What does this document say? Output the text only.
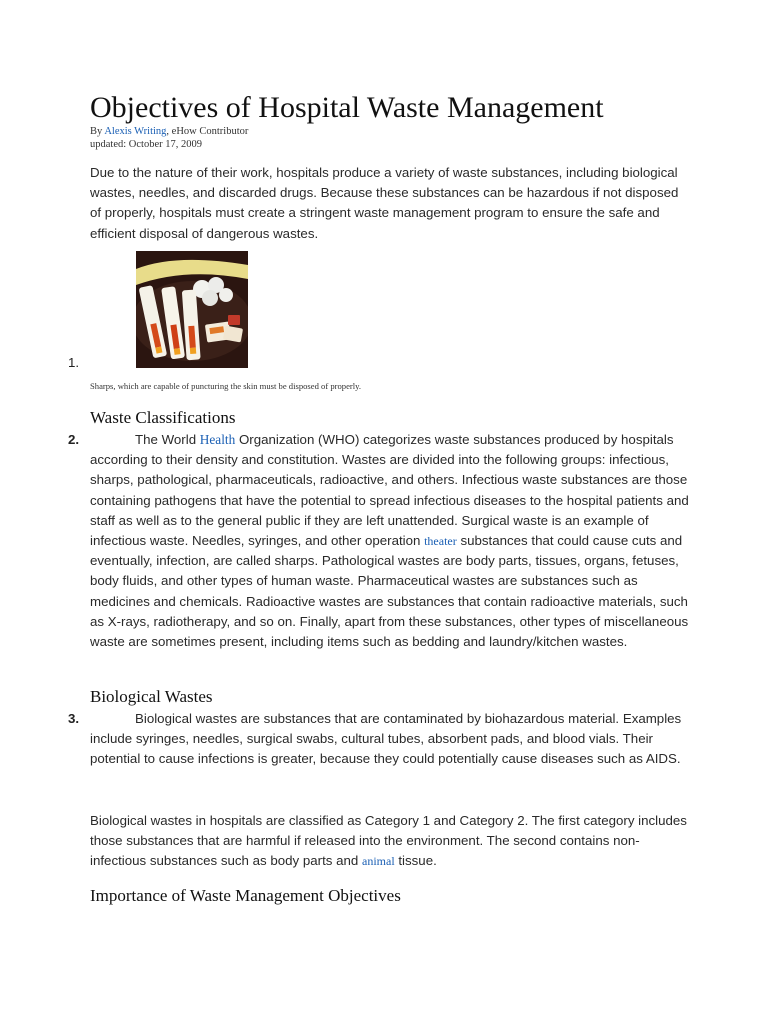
Objectives of Hospital Waste Management
By Alexis Writing, eHow Contributor
updated: October 17, 2009

Due to the nature of their work, hospitals produce a variety of waste substances, including biological wastes, needles, and discarded drugs. Because these substances can be hazardous if not disposed of properly, hospitals must create a stringent waste management program to ensure the safe and efficient disposal of dangerous wastes.

1.
Sharps, which are capable of puncturing the skin must be disposed of properly.
Waste Classifications
2.	The World Health Organization (WHO) categorizes waste substances produced by hospitals according to their density and constitution. Wastes are divided into the following groups: infectious, sharps, pathological, pharmaceuticals, radioactive, and others. Infectious waste substances are those containing pathogens that have the potential to spread infectious diseases to the hospital patients and staff as well as to the general public if they are left unattended. Surgical waste is an example of infectious waste. Needles, syringes, and other operation theater substances that could cause cuts and eventually, infection, are called sharps. Pathological wastes are body parts, tissues, organs, fetuses, body fluids, and other types of human waste. Pharmaceutical wastes are substances such as medicines and chemicals. Radioactive wastes are substances that contain radioactive materials, such as X-rays, radiotherapy, and so on. Finally, apart from these substances, other types of miscellaneous waste are sometimes present, including items such as bedding and laundry/kitchen wastes.

Biological Wastes
3.	Biological wastes are substances that are contaminated by biohazardous material. Examples include syringes, needles, surgical swabs, cultural tubes, absorbent pads, and blood vials. Their potential to cause infections is greater, because they could potentially cause diseases such as AIDS.

Biological wastes in hospitals are classified as Category 1 and Category 2. The first category includes those substances that are harmful if released into the environment. The second contains non-infectious substances such as body parts and animal tissue.

Importance of Waste Management Objectives
